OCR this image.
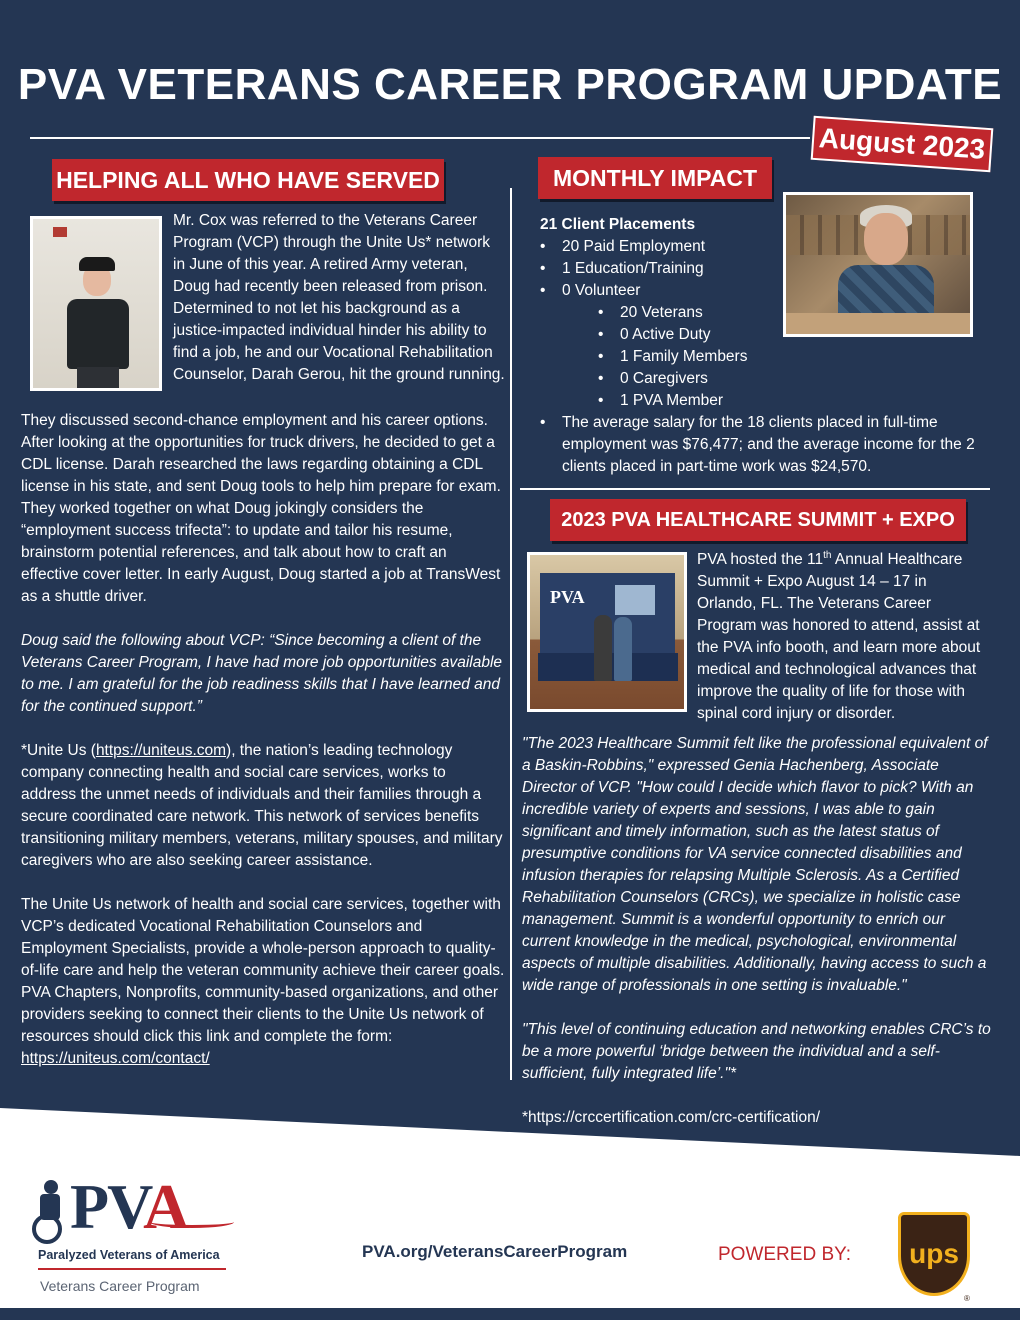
PVA VETERANS CAREER PROGRAM UPDATE
August 2023
HELPING ALL WHO HAVE SERVED

Mr. Cox was referred to the Veterans Career Program (VCP) through the Unite Us* network in June of this year. A retired Army veteran, Doug had recently been released from prison. Determined to not let his background as a justice-impacted individual hinder his ability to find a job, he and our Vocational Rehabilitation Counselor, Darah Gerou, hit the ground running.

They discussed second-chance employment and his career options. After looking at the opportunities for truck drivers, he decided to get a CDL license. Darah researched the laws regarding obtaining a CDL license in his state, and sent Doug tools to help him prepare for exam. They worked together on what Doug jokingly considers the “employment success trifecta”: to update and tailor his resume, brainstorm potential references, and talk about how to craft an effective cover letter. In early August, Doug started a job at TransWest as a shuttle driver.

Doug said the following about VCP: “Since becoming a client of the Veterans Career Program, I have had more job opportunities available to me. I am grateful for the job readiness skills that I have learned and for the continued support.”

*Unite Us (https://uniteus.com), the nation’s leading technology company connecting health and social care services, works to address the unmet needs of individuals and their families through a secure coordinated care network. This network of services benefits transitioning military members, veterans, military spouses, and military caregivers who are also seeking career assistance.

The Unite Us network of health and social care services, together with VCP’s dedicated Vocational Rehabilitation Counselors and Employment Specialists, provide a whole-person approach to quality-of-life care and help the veteran community achieve their career goals. PVA Chapters, Nonprofits, community-based organizations, and other providers seeking to connect their clients to the Unite Us network of resources should click this link and complete the form: https://uniteus.com/contact/

MONTHLY IMPACT
21 Client Placements
• 20 Paid Employment
• 1 Education/Training
• 0 Volunteer
• 20 Veterans
• 0 Active Duty
• 1 Family Members
• 0 Caregivers
• 1 PVA Member
• The average salary for the 18 clients placed in full-time employment was $76,477; and the average income for the 2 clients placed in part-time work was $24,570.
2023 PVA HEALTHCARE SUMMIT + EXPO
PVA
PVA hosted the 11th Annual Healthcare Summit + Expo August 14 – 17 in Orlando, FL. The Veterans Career Program was honored to attend, assist at the PVA info booth, and learn more about medical and technological advances that improve the quality of life for those with spinal cord injury or disorder.

"The 2023 Healthcare Summit felt like the professional equivalent of a Baskin-Robbins," expressed Genia Hachenberg, Associate Director of VCP. "How could I decide which flavor to pick? With an incredible variety of experts and sessions, I was able to gain significant and timely information, such as the latest status of presumptive conditions for VA service connected disabilities and infusion therapies for relapsing Multiple Sclerosis. As a Certified Rehabilitation Counselors (CRCs), we specialize in holistic case management. Summit is a wonderful opportunity to enrich our current knowledge in the medical, psychological, environmental aspects of multiple disabilities. Additionally, having access to such a wide range of professionals in one setting is invaluable."

"This level of continuing education and networking enables CRC’s to be a more powerful ‘bridge between the individual and a self-sufficient, fully integrated life’."*

*https://crccertification.com/crc-certification/

PVA
Paralyzed Veterans of America
Veterans Career Program
PVA.org/VeteransCareerProgram	POWERED BY:	ups
®
